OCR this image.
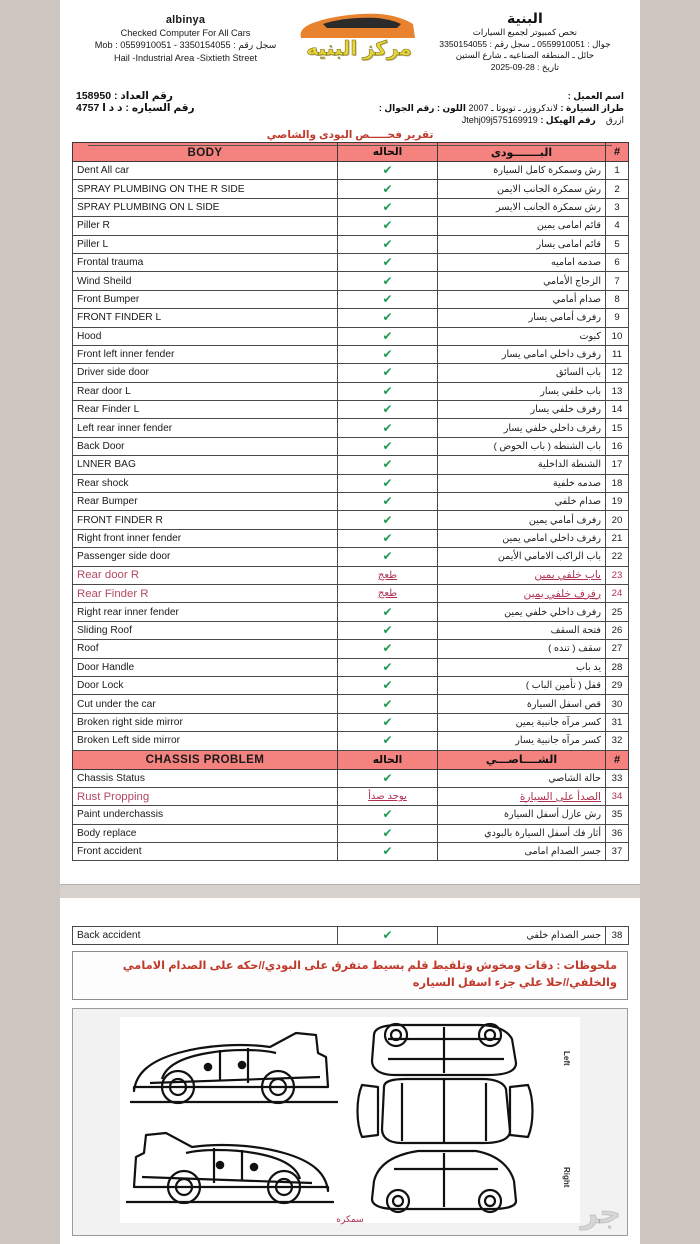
albinya
Checked Computer For All Cars
Mob : 0559910051 - 3350154055 : سجل رقم
Hail -Industrial Area -Sixtieth Street	مركز البنيه
البنية
نحص كمبيوتر لجميع السيارات
جوال : 0559910051 ـ سجل رقم : 3350154055
حائل ـ المنطقه الصناعيه ـ شارع الستين
تاريخ : 28-09-2025
اسم العميل :
طراز السيارة : لاندكروزر ـ تويوتا ـ 2007 اللون : رقم الجوال :
ازرق    رقم الهيكل : Jtehj09j575169919
رقم العداد : 158950
رقم السياره : د د ا 4757
تقرير فحـــــص البودى والشاصي
BODY	الحاله	البـــــــودى	#
Dent All car	✔	رش وسمكرة كامل السيارة	1
SPRAY PLUMBING ON THE R SIDE	✔	رش سمكرة الجانب الايمن	2
SPRAY PLUMBING ON L SIDE	✔	رش سمكرة الجانب الايسر	3
Piller R	✔	قائم امامى يمين	4
Piller L	✔	قائم امامى يسار	5
Frontal trauma	✔	صدمه اماميه	6
Wind Sheild	✔	الزجاج الأمامي	7
Front Bumper	✔	صدام أمامي	8
FRONT FINDER L	✔	رفرف أمامي يسار	9
Hood	✔	كبوت	10
Front left inner fender	✔	رفرف داخلي امامي يسار	11
Driver side door	✔	باب السائق	12
Rear door L	✔	باب خلفي يسار	13
Rear Finder L	✔	رفرف خلفي يسار	14
Left rear inner fender	✔	رفرف داخلي خلفي يسار	15
Back Door	✔	باب الشنطه ( باب الحوض )	16
LNNER BAG	✔	الشنطة الداخلية	17
Rear shock	✔	صدمه خلفية	18
Rear Bumper	✔	صدام خلفي	19
FRONT FINDER R	✔	رفرف أمامي يمين	20
Right front inner fender	✔	رفرف داخلي امامي يمين	21
Passenger side door	✔	باب الراكب الامامي الأيمن	22
Rear door R	طعج	باب خلفي يمين	23
Rear Finder R	طعج	رفرف خلفي يمين	24
Right rear inner fender	✔	رفرف داخلي خلفي يمين	25
Sliding Roof	✔	فتحة السقف	26
Roof	✔	سقف ( تنده )	27
Door Handle	✔	يد باب	28
Door Lock	✔	قفل ( تأمين الباب )	29
Cut under the car	✔	قص اسفل السيارة	30
Broken right side mirror	✔	كسر مرآه جانبية يمين	31
Broken Left side mirror	✔	كسر مرآه جانبية يسار	32
CHASSIS PROBLEM	الحاله	الشــــاصـــي	#
Chassis Status	✔	حالة الشاصي	33
Rust Propping	يوجد صدأ	الصدأ على السيارة	34
Paint underchassis	✔	رش عازل أسفل السيارة	35
Body replace	✔	أثار فك أسفل السيارة بالبودي	36
Front accident	✔	جسر الصدام امامى	37
Back accident	✔	جسر الصدام خلفي	38
ملحوظات : دقات ومخوش وتلقيط قلم بسيط متفرق على البودي//حكه على الصدام الامامي
والخلفي//حلا علي جزء اسفل السياره
Left
Right
سمكره	جر
